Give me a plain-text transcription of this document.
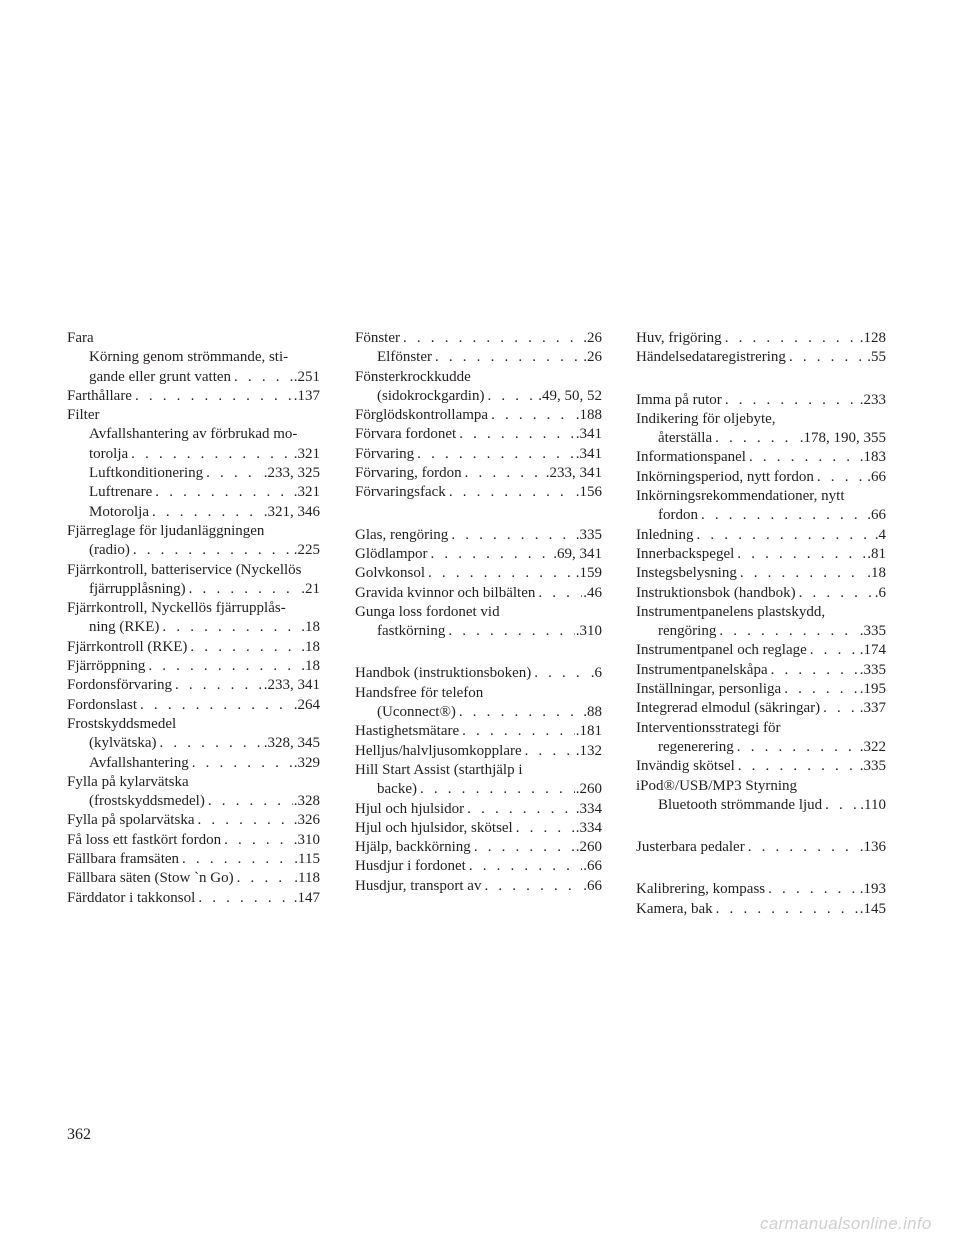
Fara
Körning genom strömmande, sti-
gande eller grunt vatten . . .	.251
Farthållare . . .	.137
Filter
Avfallshantering av förbrukad mo-
torolja . . .	.321
Luftkonditionering . . .	.233, 325
Luftrenare . . .	.321
Motorolja . . .	.321, 346
Fjärreglage för ljudanläggningen
(radio) . . .	.225
Fjärrkontroll, batteriservice (Nyckellös
fjärrupplåsning) . . .	.21
Fjärrkontroll, Nyckellös fjärrupplås-
ning (RKE) . . .	.18
Fjärrkontroll (RKE) . . .	.18
Fjärröppning . . .	.18
Fordonsförvaring . . .	.233, 341
Fordonslast . . .	.264
Frostskyddsmedel
(kylvätska) . . .	.328, 345
Avfallshantering . . .	.329
Fylla på kylarvätska
(frostskyddsmedel) . . .	.328
Fylla på spolarvätska . . .	.326
Få loss ett fastkört fordon . . .	.310
Fällbara framsäten . . .	.115
Fällbara säten (Stow `n Go) . . .	.118
Färddator i takkonsol . . .	.147
Fönster . . .	.26
Elfönster . . .	.26
Fönsterkrockkudde
(sidokrockgardin) . . .	.49, 50, 52
Förglödskontrollampa . . .	.188
Förvara fordonet . . .	.341
Förvaring . . .	.341
Förvaring, fordon . . .	.233, 341
Förvaringsfack . . .	.156
Glas, rengöring . . .	.335
Glödlampor . . .	.69, 341
Golvkonsol . . .	.159
Gravida kvinnor och bilbälten . . .	.46
Gunga loss fordonet vid
fastkörning . . .	.310
Handbok (instruktionsboken) . . .	.6
Handsfree för telefon
(Uconnect®) . . .	.88
Hastighetsmätare . . .	.181
Helljus/halvljusomkopplare . . .	.132
Hill Start Assist (starthjälp i
backe) . . .	.260
Hjul och hjulsidor . . .	.334
Hjul och hjulsidor, skötsel . . .	.334
Hjälp, backkörning . . .	.260
Husdjur i fordonet . . .	.66
Husdjur, transport av . . .	.66
Huv, frigöring . . .	.128
Händelsedataregistrering . . .	.55
Imma på rutor . . .	.233
Indikering för oljebyte,
återställa . . .	.178, 190, 355
Informationspanel . . .	.183
Inkörningsperiod, nytt fordon . . .	.66
Inkörningsrekommendationer, nytt
fordon . . .	.66
Inledning . . .	.4
Innerbackspegel . . .	.81
Instegsbelysning . . .	.18
Instruktionsbok (handbok) . . .	.6
Instrumentpanelens plastskydd,
rengöring . . .	.335
Instrumentpanel och reglage . . .	.174
Instrumentpanelskåpa . . .	.335
Inställningar, personliga . . .	.195
Integrerad elmodul (säkringar) . . .	.337
Interventionsstrategi för
regenerering . . .	.322
Invändig skötsel . . .	.335
iPod®/USB/MP3 Styrning
Bluetooth strömmande ljud . . .	.110
Justerbara pedaler . . .	.136
Kalibrering, kompass . . .	.193
Kamera, bak . . .	.145
362
carmanualsonline.info
